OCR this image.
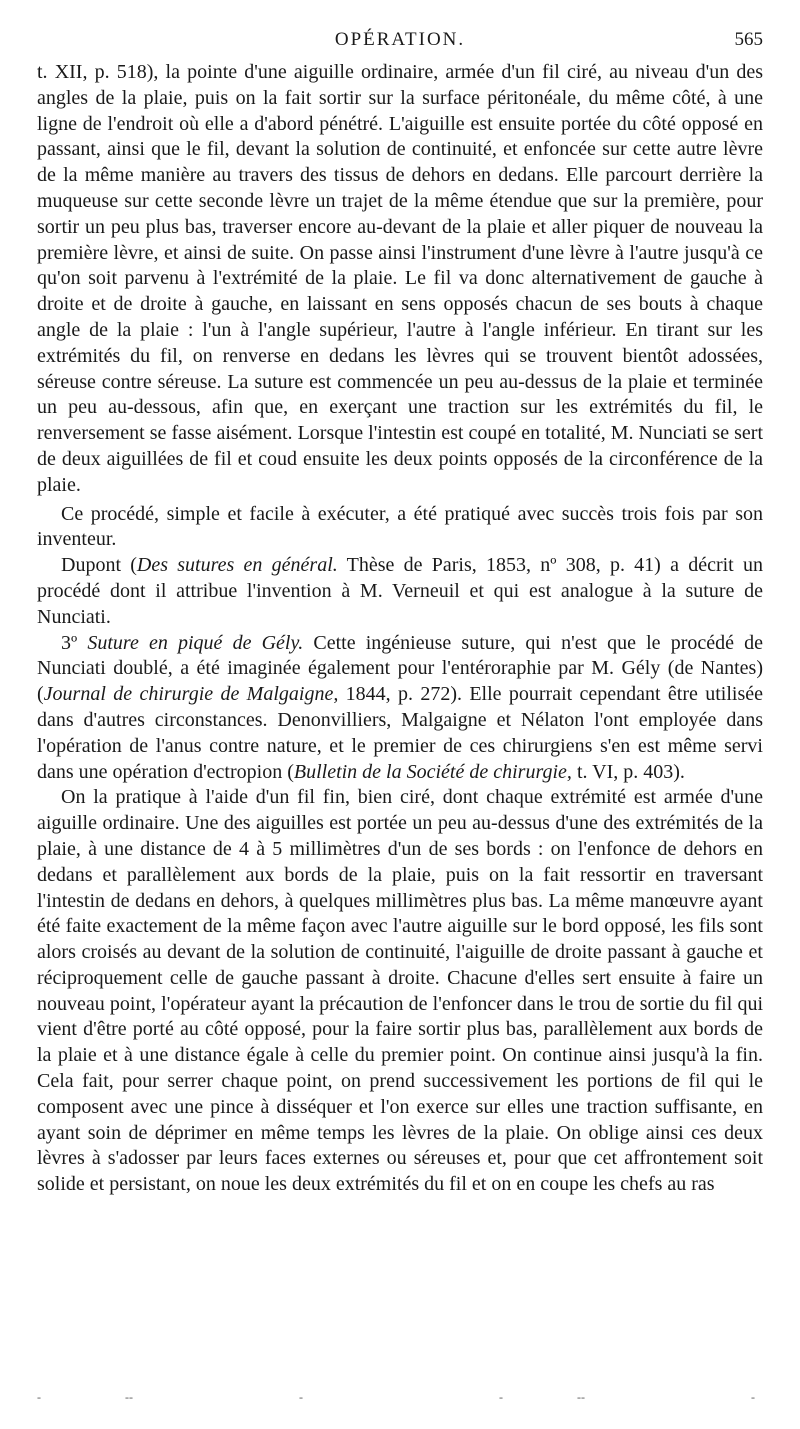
OPÉRATION.	565

t. XII, p. 518), la pointe d'une aiguille ordinaire, armée d'un fil ciré, au niveau d'un des angles de la plaie, puis on la fait sortir sur la surface péritonéale, du même côté, à une ligne de l'endroit où elle a d'abord pénétré. L'aiguille est ensuite portée du côté opposé en passant, ainsi que le fil, devant la solution de continuité, et enfoncée sur cette autre lèvre de la même manière au travers des tissus de dehors en dedans. Elle parcourt derrière la muqueuse sur cette seconde lèvre un trajet de la même étendue que sur la première, pour sortir un peu plus bas, traverser encore au-devant de la plaie et aller piquer de nouveau la première lèvre, et ainsi de suite. On passe ainsi l'instrument d'une lèvre à l'autre jusqu'à ce qu'on soit parvenu à l'extrémité de la plaie. Le fil va donc alternativement de gauche à droite et de droite à gauche, en laissant en sens opposés chacun de ses bouts à chaque angle de la plaie : l'un à l'angle supérieur, l'autre à l'angle inférieur. En tirant sur les extrémités du fil, on renverse en dedans les lèvres qui se trouvent bientôt adossées, séreuse contre séreuse. La suture est commencée un peu au-dessus de la plaie et terminée un peu au-dessous, afin que, en exerçant une traction sur les extrémités du fil, le renversement se fasse aisément. Lorsque l'intestin est coupé en totalité, M. Nunciati se sert de deux aiguillées de fil et coud ensuite les deux points opposés de la circonférence de la plaie.

Ce procédé, simple et facile à exécuter, a été pratiqué avec succès trois fois par son inventeur.

Dupont (Des sutures en général. Thèse de Paris, 1853, nº 308, p. 41) a décrit un procédé dont il attribue l'invention à M. Verneuil et qui est analogue à la suture de Nunciati.

3º Suture en piqué de Gély. Cette ingénieuse suture, qui n'est que le procédé de Nunciati doublé, a été imaginée également pour l'entéroraphie par M. Gély (de Nantes) (Journal de chirurgie de Malgaigne, 1844, p. 272). Elle pourrait cependant être utilisée dans d'autres circonstances. Denonvilliers, Malgaigne et Nélaton l'ont employée dans l'opération de l'anus contre nature, et le premier de ces chirurgiens s'en est même servi dans une opération d'ectropion (Bulletin de la Société de chirurgie, t. VI, p. 403).

On la pratique à l'aide d'un fil fin, bien ciré, dont chaque extrémité est armée d'une aiguille ordinaire. Une des aiguilles est portée un peu au-dessus d'une des extrémités de la plaie, à une distance de 4 à 5 millimètres d'un de ses bords : on l'enfonce de dehors en dedans et parallèlement aux bords de la plaie, puis on la fait ressortir en traversant l'intestin de dedans en dehors, à quelques millimètres plus bas. La même manœuvre ayant été faite exactement de la même façon avec l'autre aiguille sur le bord opposé, les fils sont alors croisés au devant de la solution de continuité, l'aiguille de droite passant à gauche et réciproquement celle de gauche passant à droite. Chacune d'elles sert ensuite à faire un nouveau point, l'opérateur ayant la précaution de l'enfoncer dans le trou de sortie du fil qui vient d'être porté au côté opposé, pour la faire sortir plus bas, parallèlement aux bords de la plaie et à une distance égale à celle du premier point. On continue ainsi jusqu'à la fin. Cela fait, pour serrer chaque point, on prend successivement les portions de fil qui le composent avec une pince à disséquer et l'on exerce sur elles une traction suffisante, en ayant soin de déprimer en même temps les lèvres de la plaie. On oblige ainsi ces deux lèvres à s'adosser par leurs faces externes ou séreuses et, pour que cet affrontement soit solide et persistant, on noue les deux extrémités du fil et on en coupe les chefs au ras

-	--	-	-	--	-
